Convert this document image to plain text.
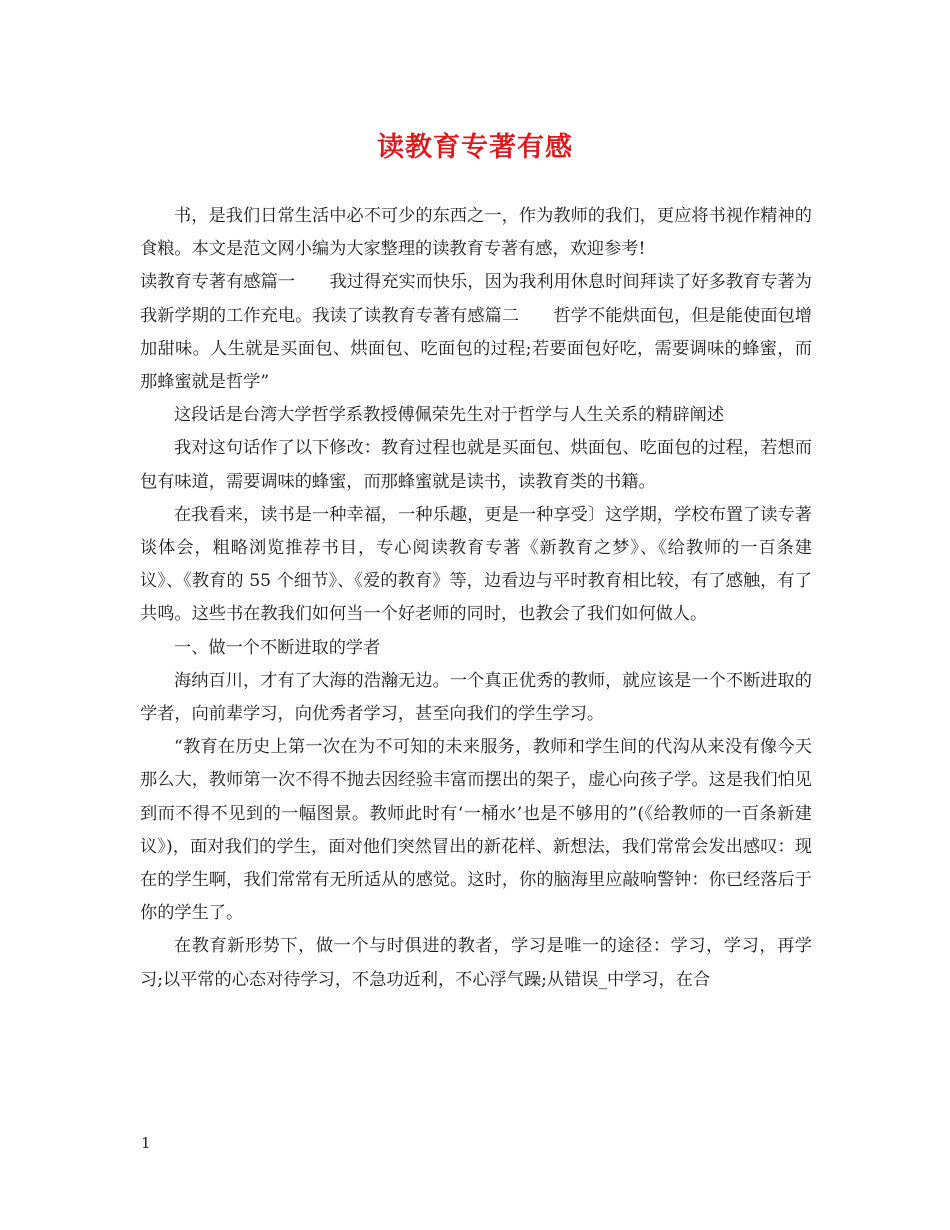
读教育专著有感

书，是我们日常生活中必不可少的东西之一，作为教师的我们，更应将书视作精神的食粮。本文是范文网小编为大家整理的读教育专著有感，欢迎参考!

读教育专著有感篇一　　我过得充实而快乐，因为我利用休息时间拜读了好多教育专著为我新学期的工作充电。我读了读教育专著有感篇二　　哲学不能烘面包，但是能使面包增加甜味。人生就是买面包、烘面包、吃面包的过程;若要面包好吃，需要调味的蜂蜜，而那蜂蜜就是哲学”

这段话是台湾大学哲学系教授傅佩荣先生对于哲学与人生关系的精辟阐述

我对这句话作了以下修改：教育过程也就是买面包、烘面包、吃面包的过程，若想而包有味道，需要调味的蜂蜜，而那蜂蜜就是读书，读教育类的书籍。

在我看来，读书是一种幸福，一种乐趣，更是一种享受〕这学期，学校布置了读专著谈体会，粗略浏览推荐书目，专心阅读教育专著《新教育之梦》、《给教师的一百条建议》、《教育的 55 个细节》、《爱的教育》等，边看边与平时教育相比较，有了感触，有了共鸣。这些书在教我们如何当一个好老师的同时，也教会了我们如何做人。

一、做一个不断进取的学者

海纳百川，才有了大海的浩瀚无边。一个真正优秀的教师，就应该是一个不断进取的学者，向前辈学习，向优秀者学习，甚至向我们的学生学习。

“教育在历史上第一次在为不可知的未来服务，教师和学生间的代沟从来没有像今天那么大，教师第一次不得不抛去因经验丰富而摆出的架子，虚心向孩子学。这是我们怕见到而不得不见到的一幅图景。教师此时有‘一桶水’也是不够用的”(《给教师的一百条新建议》)，面对我们的学生，面对他们突然冒出的新花样、新想法，我们常常会发出感叹：现在的学生啊，我们常常有无所适从的感觉。这时，你的脑海里应敲响警钟：你已经落后于你的学生了。

在教育新形势下，做一个与时俱进的教者，学习是唯一的途径：学习，学习，再学习;以平常的心态对待学习，不急功近利，不心浮气躁;从错误_中学习，在合

1
